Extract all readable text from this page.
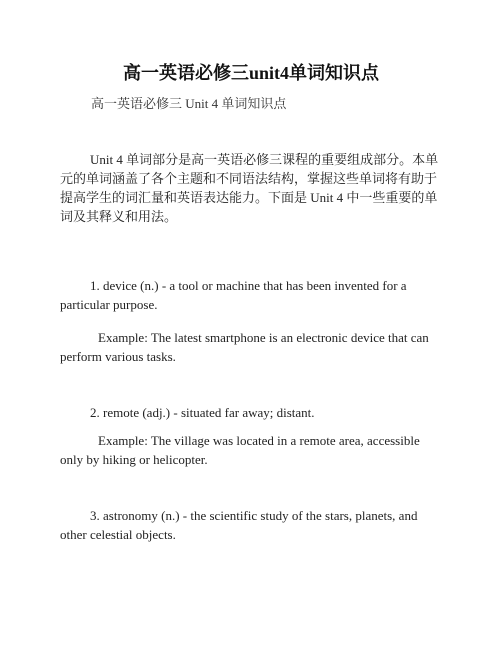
高一英语必修三unit4单词知识点
高一英语必修三 Unit 4 单词知识点
Unit 4 单词部分是高一英语必修三课程的重要组成部分。本单元的单词涵盖了各个主题和不同语法结构，掌握这些单词将有助于提高学生的词汇量和英语表达能力。下面是 Unit 4 中一些重要的单词及其释义和用法。
1. device (n.) - a tool or machine that has been invented for a particular purpose.
Example: The latest smartphone is an electronic device that can perform various tasks.
2. remote (adj.) - situated far away; distant.
Example: The village was located in a remote area, accessible only by hiking or helicopter.
3. astronomy (n.) - the scientific study of the stars, planets, and other celestial objects.
